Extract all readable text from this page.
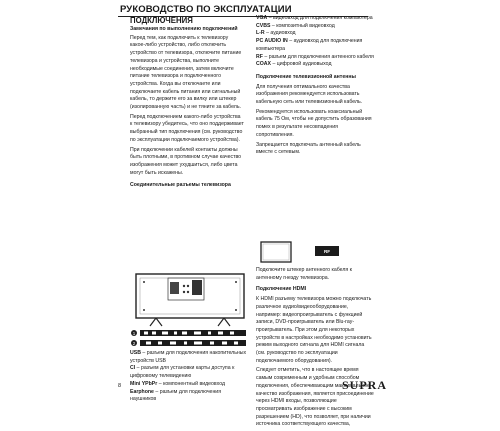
РУКОВОДСТВО ПО ЭКСПЛУАТАЦИИ
ПОДКЛЮЧЕНИЯ

Замечания по выполнению подключений

Перед тем, как подключить к телевизору какое-либо устройство, либо отключить устройство от телевизора, отключите питание телевизора и устройства, выполните необходимые соединения, затем включите питание телевизора и подключенного устройства. Когда вы отключаете или подключаете кабель питания или сигнальный кабель, то держите его за вилку или штекер (изолированную часть) и не тяните за кабель.

Перед подключением какого-либо устройства к телевизору убедитесь, что оно поддерживает выбранный тип подключения (см. руководство по эксплуатации подключаемого устройства).

При подключении кабелей контакты должны быть плотными, в противном случае качество изображения может ухудшиться, либо цвета могут быть искажены.

Соединительные разъемы телевизора

1
2
USB – разъем для подключения накопительных устройств USB
CI – разъем для установки карты доступа к цифровому телевидению
Mini YPbPr – компонентный видеовход
Earphone – разъем для подключения наушников
VGA – видеовход для подключения компьютера
CVBS – композитный видеовход
L-R – аудиовход
PC AUDIO IN – аудиовход для подключения компьютера
RF – разъем для подключения антенного кабеля
COAX – цифровой аудиовыход

Подключение телевизионной антенны

Для получения оптимального качества изображения рекомендуется использовать кабельную сеть или телевизионный кабель.

Рекомендуется использовать коаксиальный кабель 75 Ом, чтобы не допустить образования помех в результате несовпадения сопротивления.

Запрещается подключать антенный кабель вместе с сетевым.

RF

Подключите штекер антенного кабеля к антенному гнезду телевизора.

Подключение HDMI

К HDMI разъему телевизора можно подключать различное аудио/видеооборудование, например: видеопроигрыватель с функцией записи, DVD-проигрыватель или Blu-ray-проигрыватель. При этом для некоторых устройств в настройках необходимо установить режим выходного сигнала для HDMI сигнала (см. руководство по эксплуатации подключаемого оборудования).

Следует отметить, что в настоящее время самым современным и удобным способом подключения, обеспечивающим максимальное качество изображения, является присоединение через HDMI входы, позволяющие просматривать изображение с высоким разрешением (HD), что позволяет, при наличии источника соответствующего качества,

8	SUPRA
